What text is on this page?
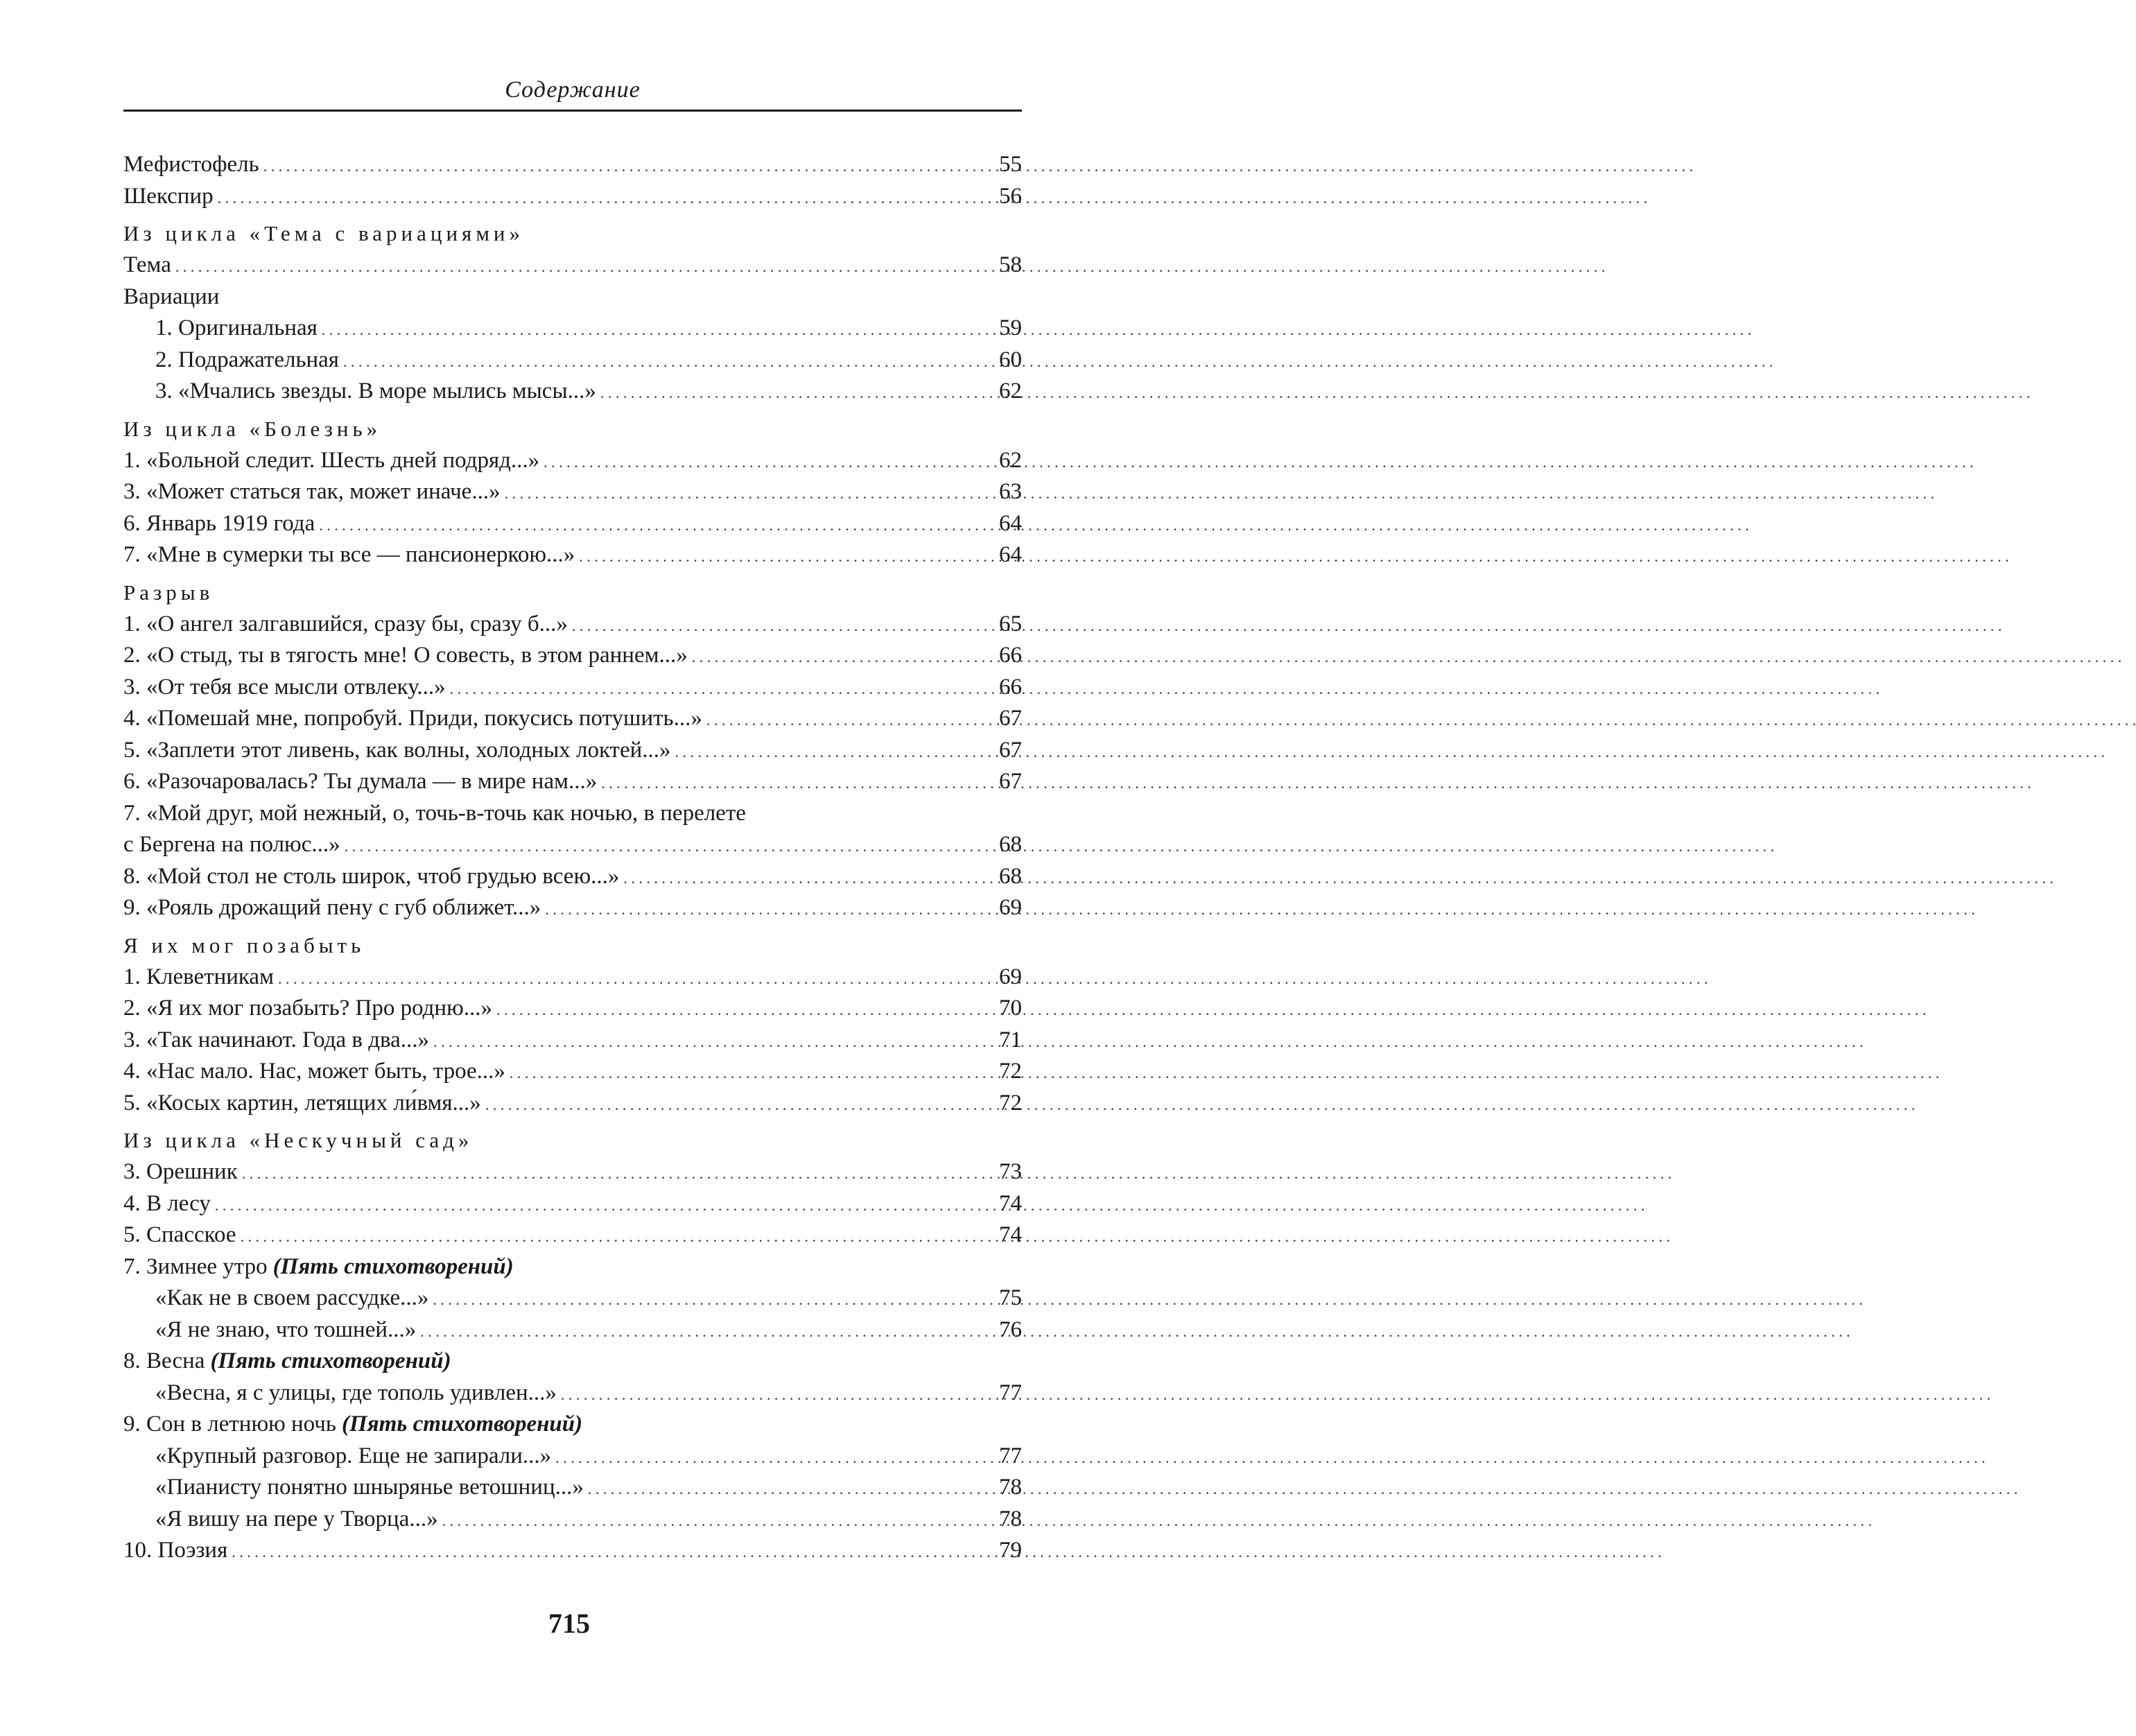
Содержание
Мефистофель . . .	55
Шекспир . . .	56
Из цикла «Тема с вариациями»
Тема . . .	58
Вариации
1. Оригинальная . . .	59
2. Подражательная . . .	60
3. «Мчались звезды. В море мылись мысы...» . . .	62
Из цикла «Болезнь»
1. «Больной следит. Шесть дней подряд...» . . .	62
3. «Может статься так, может иначе...» . . .	63
6. Январь 1919 года . . .	64
7. «Мне в сумерки ты все — пансионеркою...» . . .	64
Разрыв
1. «О ангел залгавшийся, сразу бы, сразу б...» . . .	65
2. «О стыд, ты в тягость мне! О совесть, в этом раннем...» . . .	66
3. «От тебя все мысли отвлеку...» . . .	66
4. «Помешай мне, попробуй. Приди, покусись потушить...» . . .	67
5. «Заплети этот ливень, как волны, холодных локтей...» . . .	67
6. «Разочаровалась? Ты думала — в мире нам...» . . .	67
7. «Мой друг, мой нежный, о, точь-в-точь как ночью, в перелете
с Бергена на полюс...» . . .	68
8. «Мой стол не столь широк, чтоб грудью всею...» . . .	68
9. «Рояль дрожащий пену с губ оближет...» . . .	69
Я их мог позабыть
1. Клеветникам . . .	69
2. «Я их мог позабыть? Про родню...» . . .	70
3. «Так начинают. Года в два...» . . .	71
4. «Нас мало. Нас, может быть, трое...» . . .	72
5. «Косых картин, летящих ли́вмя...» . . .	72
Из цикла «Нескучный сад»
3. Орешник . . .	73
4. В лесу . . .	74
5. Спасское . . .	74
7. Зимнее утро (Пять стихотворений)
«Как не в своем рассудке...» . . .	75
«Я не знаю, что тошней...» . . .	76
8. Весна (Пять стихотворений)
«Весна, я с улицы, где тополь удивлен...» . . .	77
9. Сон в летнюю ночь (Пять стихотворений)
«Крупный разговор. Еще не запирали...» . . .	77
«Пианисту понятно шнырянье ветошниц...» . . .	78
«Я вишу на пере у Творца...» . . .	78
10. Поэзия . . .	79
715
